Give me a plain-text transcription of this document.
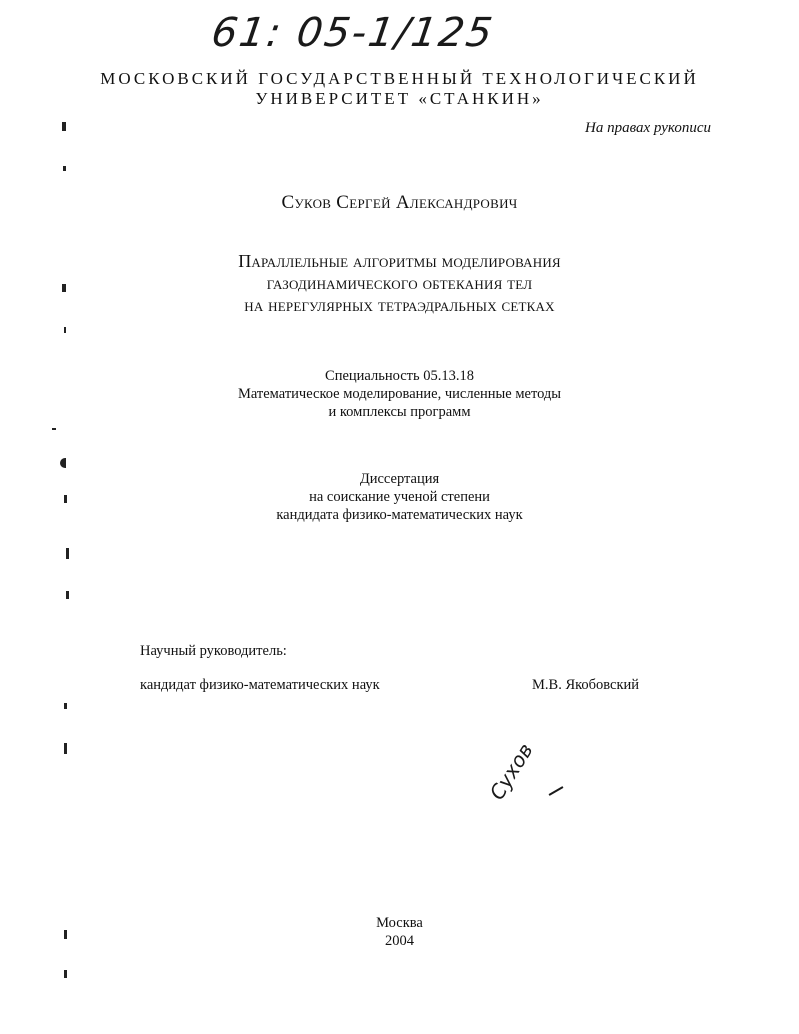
61: 05-1/125
МОСКОВСКИЙ ГОСУДАРСТВЕННЫЙ ТЕХНОЛОГИЧЕСКИЙ
УНИВЕРСИТЕТ «СТАНКИН»
На правах рукописи
Суков Сергей Александрович
Параллельные алгоритмы моделирования
газодинамического обтекания тел
на нерегулярных тетраэдральных сетках
Специальность 05.13.18
Математическое моделирование, численные методы
и комплексы программ
Диссертация
на соискание ученой степени
кандидата физико-математических наук
Научный руководитель:
кандидат физико-математических наук	М.В. Якобовский
Сухов
Москва
2004
